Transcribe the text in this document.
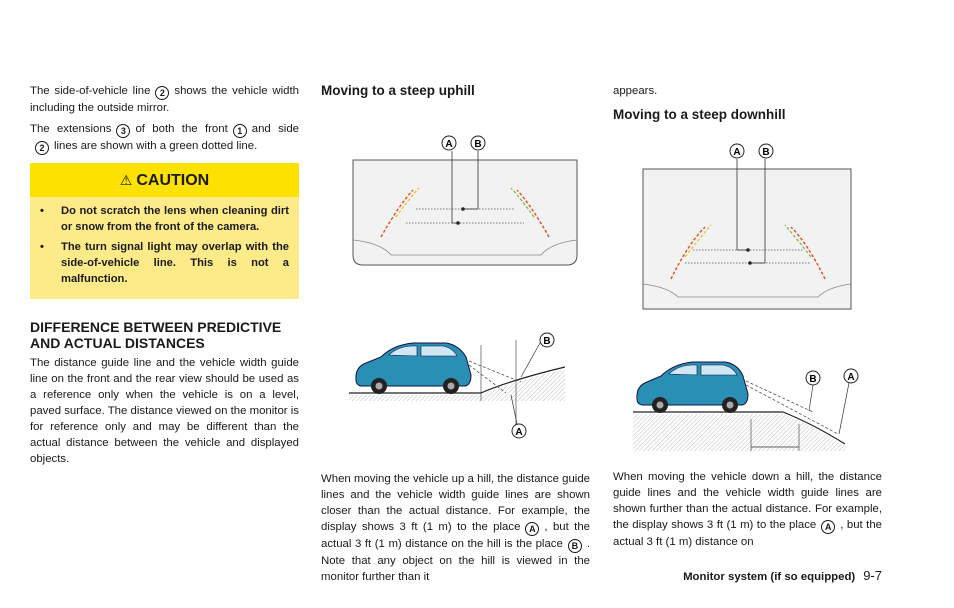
The side-of-vehicle line 2 shows the vehicle width including the outside mirror.

The extensions 3 of both the front 1 and side2 lines are shown with a green dotted line.

⚠ CAUTION
• Do not scratch the lens when cleaning dirt or snow from the front of the camera.
• The turn signal light may overlap with the side-of-vehicle line. This is not a malfunction.
DIFFERENCE BETWEEN PREDICTIVE AND ACTUAL DISTANCES

The distance guide line and the vehicle width guide line on the front and the rear view should be used as a reference only when the vehicle is on a level, paved surface. The distance viewed on the monitor is for reference only and may be different than the actual distance between the vehicle and displayed objects.

Moving to a steep uphill
A B
B
A

When moving the vehicle up a hill, the distance guide lines and the vehicle width guide lines are shown closer than the actual distance. For example, the display shows 3 ft (1 m) to the place A , but the actual 3 ft (1 m) distance on the hill is the place B . Note that any object on the hill is viewed in the monitor further than it

appears.

Moving to a steep downhill
A B
B	A

When moving the vehicle down a hill, the distance guide lines and the vehicle width guide lines are shown further than the actual distance. For example, the display shows 3 ft (1 m) to the place A , but the actual 3 ft (1 m) distance on

Monitor system (if so equipped) 9-7
